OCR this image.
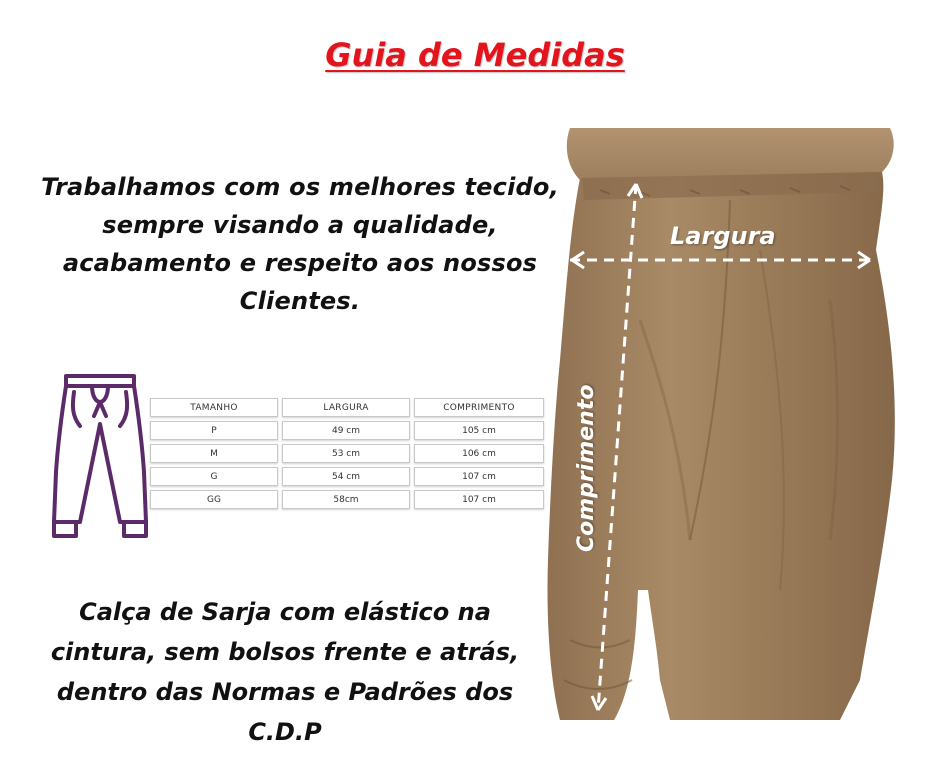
Guia de Medidas
Trabalhamos com os melhores tecido,
sempre visando a qualidade,
acabamento e respeito aos nossos
Clientes.
TAMANHO	LARGURA	COMPRIMENTO
P	49 cm	105 cm
M	53 cm	106 cm
G	54 cm	107 cm
GG	58cm	107 cm
Calça de Sarja com elástico na
cintura, sem bolsos frente e atrás,
dentro das Normas e Padrões dos
C.D.P
Largura
Comprimento
